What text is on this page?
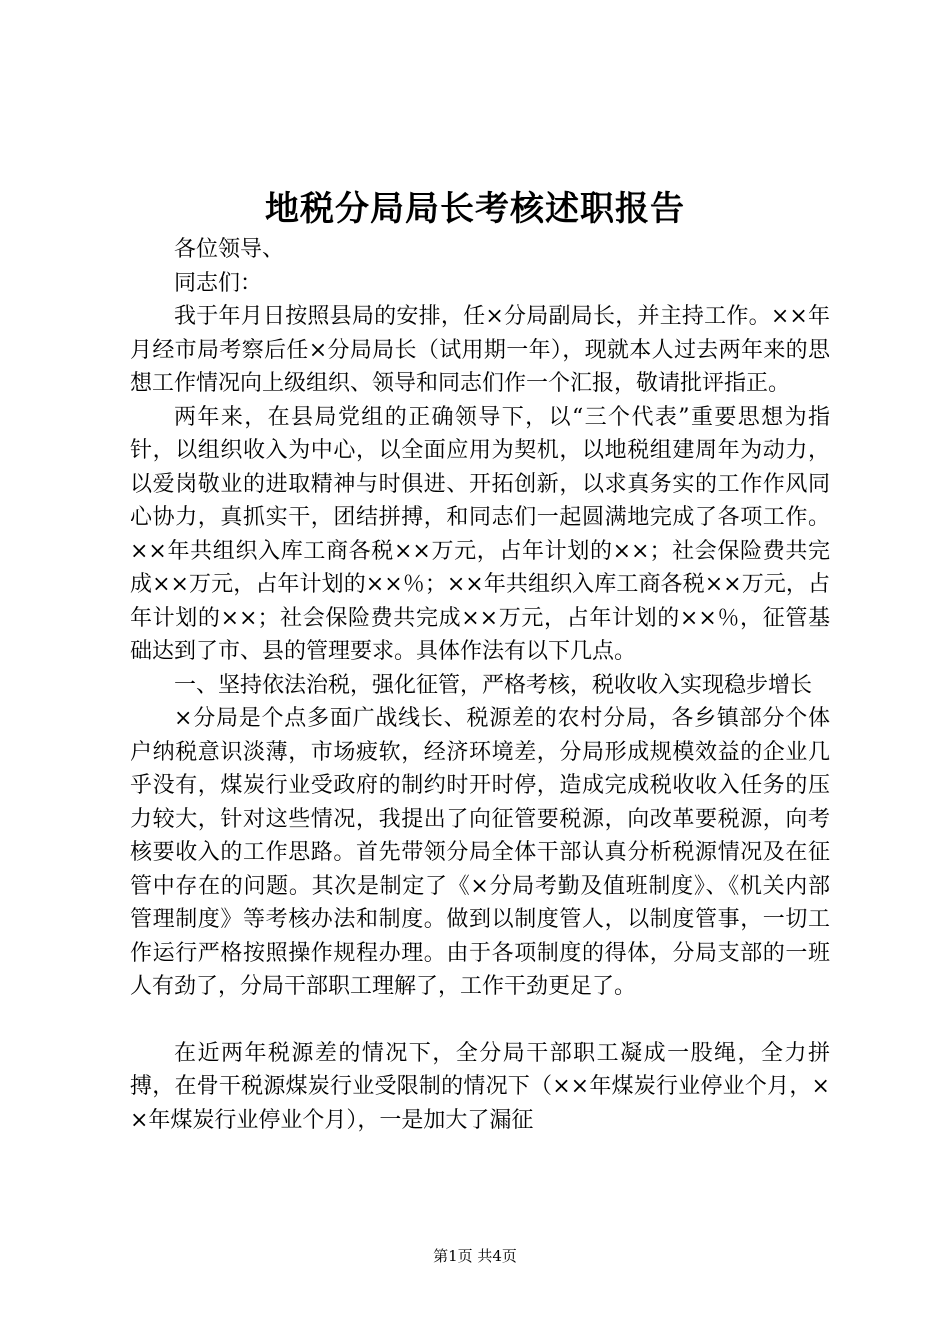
地税分局局长考核述职报告

各位领导、

同志们：

我于年月日按照县局的安排，任×分局副局长，并主持工作。××年月经市局考察后任×分局局长（试用期一年），现就本人过去两年来的思想工作情况向上级组织、领导和同志们作一个汇报，敬请批评指正。

两年来，在县局党组的正确领导下，以“三个代表”重要思想为指针，以组织收入为中心，以全面应用为契机，以地税组建周年为动力，以爱岗敬业的进取精神与时俱进、开拓创新，以求真务实的工作作风同心协力，真抓实干，团结拼搏，和同志们一起圆满地完成了各项工作。××年共组织入库工商各税××万元，占年计划的××；社会保险费共完成××万元，占年计划的××％；××年共组织入库工商各税××万元，占年计划的××；社会保险费共完成××万元，占年计划的××％，征管基础达到了市、县的管理要求。具体作法有以下几点。

一、坚持依法治税，强化征管，严格考核，税收收入实现稳步增长

×分局是个点多面广战线长、税源差的农村分局，各乡镇部分个体户纳税意识淡薄，市场疲软，经济环境差，分局形成规模效益的企业几乎没有，煤炭行业受政府的制约时开时停，造成完成税收收入任务的压力较大，针对这些情况，我提出了向征管要税源，向改革要税源，向考核要收入的工作思路。首先带领分局全体干部认真分析税源情况及在征管中存在的问题。其次是制定了《×分局考勤及值班制度》、《机关内部管理制度》等考核办法和制度。做到以制度管人，以制度管事，一切工作运行严格按照操作规程办理。由于各项制度的得体，分局支部的一班人有劲了，分局干部职工理解了，工作干劲更足了。

在近两年税源差的情况下，全分局干部职工凝成一股绳，全力拼搏，在骨干税源煤炭行业受限制的情况下（××年煤炭行业停业个月，××年煤炭行业停业个月），一是加大了漏征

第1页 共4页
